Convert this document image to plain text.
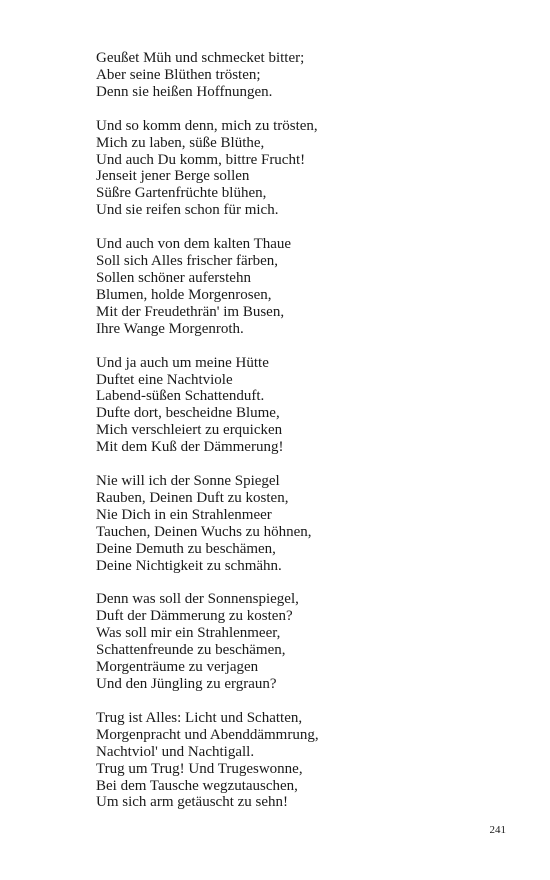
Geußet Müh und schmecket bitter;
Aber seine Blüthen trösten;
Denn sie heißen Hoffnungen.
Und so komm denn, mich zu trösten,
Mich zu laben, süße Blüthe,
Und auch Du komm, bittre Frucht!
Jenseit jener Berge sollen
Süßre Gartenfrüchte blühen,
Und sie reifen schon für mich.
Und auch von dem kalten Thaue
Soll sich Alles frischer färben,
Sollen schöner auferstehn
Blumen, holde Morgenrosen,
Mit der Freudethrän' im Busen,
Ihre Wange Morgenroth.
Und ja auch um meine Hütte
Duftet eine Nachtviole
Labend-süßen Schattenduft.
Dufte dort, bescheidne Blume,
Mich verschleiert zu erquicken
Mit dem Kuß der Dämmerung!
Nie will ich der Sonne Spiegel
Rauben, Deinen Duft zu kosten,
Nie Dich in ein Strahlenmeer
Tauchen, Deinen Wuchs zu höhnen,
Deine Demuth zu beschämen,
Deine Nichtigkeit zu schmähn.
Denn was soll der Sonnenspiegel,
Duft der Dämmerung zu kosten?
Was soll mir ein Strahlenmeer,
Schattenfreunde zu beschämen,
Morgenträume zu verjagen
Und den Jüngling zu ergraun?
Trug ist Alles: Licht und Schatten,
Morgenpracht und Abenddämmrung,
Nachtviol' und Nachtigall.
Trug um Trug! Und Trugeswonne,
Bei dem Tausche wegzutauschen,
Um sich arm getäuscht zu sehn!
241
